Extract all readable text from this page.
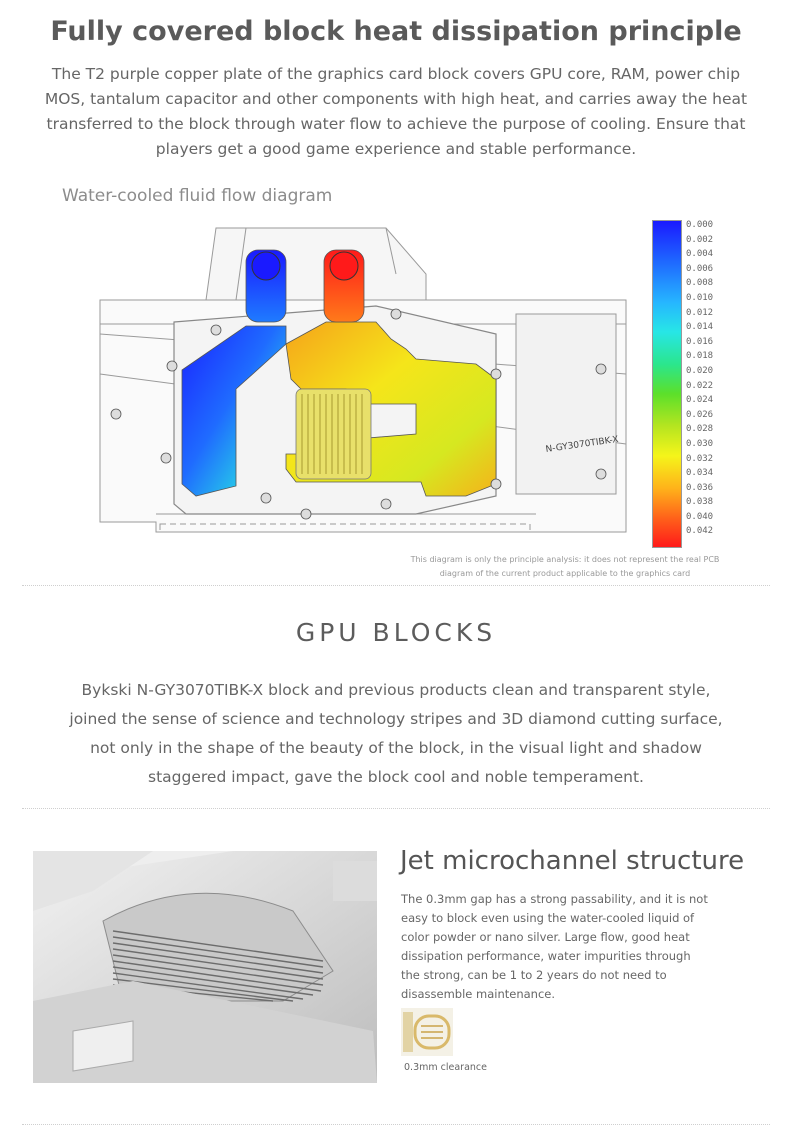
Fully covered block heat dissipation principle
The T2 purple copper plate of the graphics card block covers GPU core, RAM, power chip
MOS, tantalum capacitor and other components with high heat, and carries away the heat
transferred to the block through water flow to achieve the purpose of cooling. Ensure that
players get a good game experience and stable performance.
Water-cooled fluid flow diagram
N-GY3070TIBK-X
0.000
0.002
0.004
0.006
0.008
0.010
0.012
0.014
0.016
0.018
0.020
0.022
0.024
0.026
0.028
0.030
0.032
0.034
0.036
0.038
0.040
0.042
This diagram is only the principle analysis: it does not represent the real PCB
diagram of the current product applicable to the graphics card
GPU BLOCKS
Bykski N-GY3070TIBK-X block and previous products clean and transparent style,
joined the sense of science and technology stripes and 3D diamond cutting surface,
not only in the shape of the beauty of the block, in the visual light and shadow
staggered impact, gave the block cool and noble temperament.
Jet microchannel structure
The 0.3mm gap has a strong passability, and it is not
easy to block even using the water-cooled liquid of
color powder or nano silver. Large flow, good heat
dissipation performance, water impurities through
the strong, can be 1 to 2 years do not need to
disassemble maintenance.
0.3mm clearance
